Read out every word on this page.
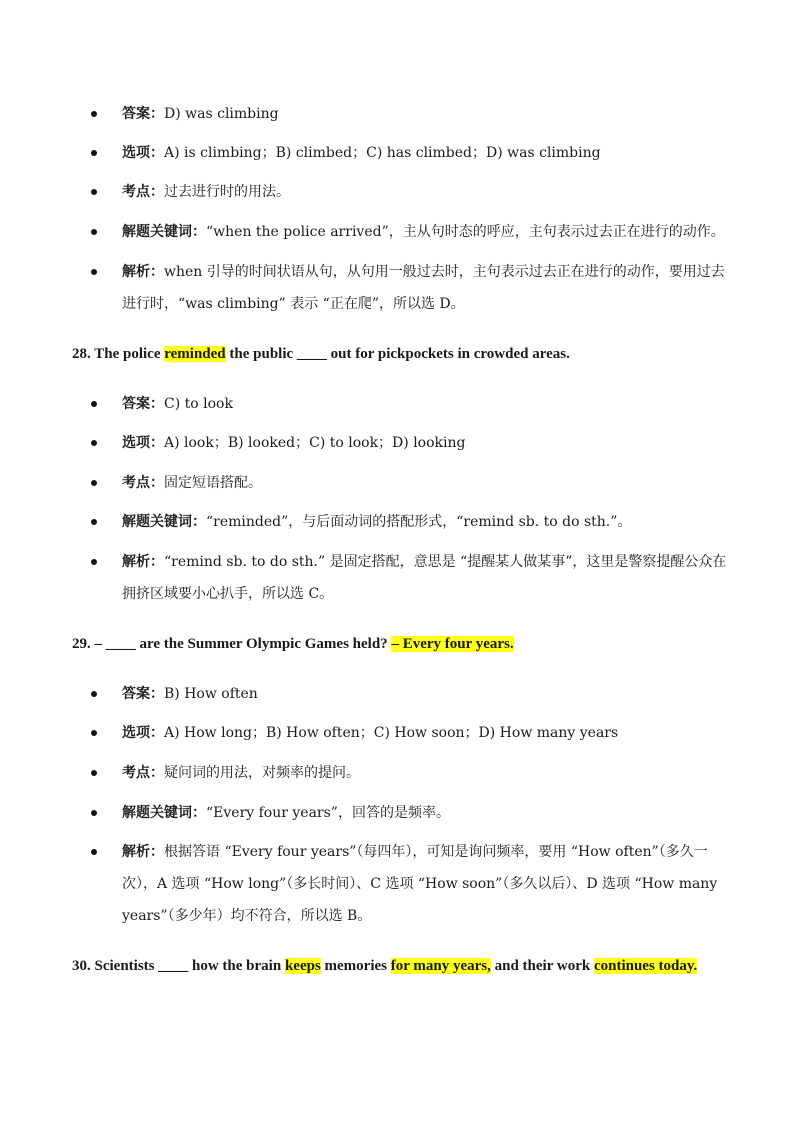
答案：D) was climbing

选项：A) is climbing；B) climbed；C) has climbed；D) was climbing

考点：过去进行时的用法。

解题关键词：“when the police arrived”，主从句时态的呼应，主句表示过去正在进行的动作。

解析：when 引导的时间状语从句，从句用一般过去时，主句表示过去正在进行的动作，要用过去进行时，“was climbing” 表示 “正在爬”，所以选 D。

28. The police reminded the public ____ out for pickpockets in crowded areas.

答案：C) to look

选项：A) look；B) looked；C) to look；D) looking

考点：固定短语搭配。

解题关键词：“reminded”，与后面动词的搭配形式，“remind sb. to do sth.”。

解析：“remind sb. to do sth.” 是固定搭配，意思是 “提醒某人做某事”，这里是警察提醒公众在拥挤区域要小心扒手，所以选 C。

29. – ____ are the Summer Olympic Games held? – Every four years.

答案：B) How often

选项：A) How long；B) How often；C) How soon；D) How many years

考点：疑问词的用法，对频率的提问。

解题关键词：“Every four years”，回答的是频率。

解析：根据答语 “Every four years”（每四年），可知是询问频率，要用 “How often”（多久一次），A 选项 “How long”（多长时间）、C 选项 “How soon”（多久以后）、D 选项 “How many years”（多少年）均不符合，所以选 B。

30. Scientists ____ how the brain keeps memories for many years, and their work continues today.
